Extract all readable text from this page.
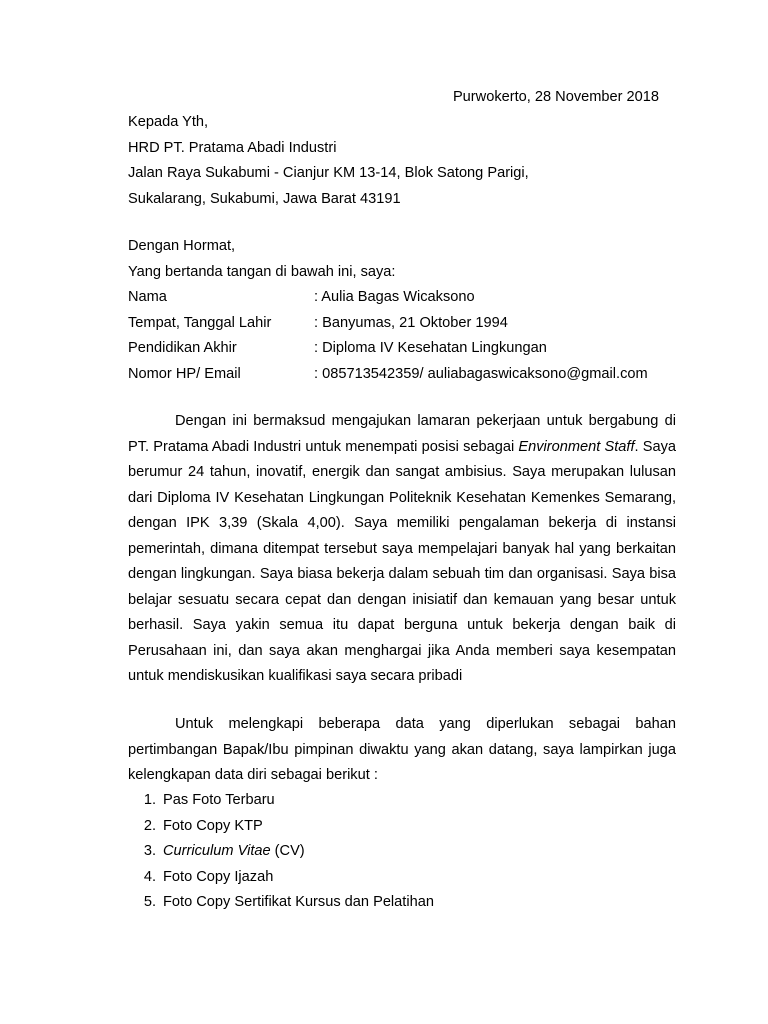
Purwokerto, 28 November 2018
Kepada Yth,
HRD PT. Pratama Abadi Industri
Jalan Raya Sukabumi - Cianjur KM 13-14, Blok Satong Parigi,
Sukalarang, Sukabumi, Jawa Barat 43191
Dengan Hormat,
Yang bertanda tangan di bawah ini, saya:
Nama	: Aulia Bagas Wicaksono
Tempat, Tanggal Lahir	: Banyumas, 21 Oktober 1994
Pendidikan Akhir	: Diploma IV Kesehatan Lingkungan
Nomor HP/ Email	: 085713542359/ auliabagaswicaksono@gmail.com
Dengan ini bermaksud mengajukan lamaran pekerjaan untuk bergabung di PT. Pratama Abadi Industri untuk menempati posisi sebagai Environment Staff. Saya berumur 24 tahun, inovatif, energik dan sangat ambisius. Saya merupakan lulusan dari Diploma IV Kesehatan Lingkungan Politeknik Kesehatan Kemenkes Semarang, dengan IPK 3,39 (Skala 4,00). Saya memiliki pengalaman bekerja di instansi pemerintah, dimana ditempat tersebut saya mempelajari banyak hal yang berkaitan dengan lingkungan. Saya biasa bekerja dalam sebuah tim dan organisasi. Saya bisa belajar sesuatu secara cepat dan dengan inisiatif dan kemauan yang besar untuk berhasil. Saya yakin semua itu dapat berguna untuk bekerja dengan baik di Perusahaan ini, dan saya akan menghargai jika Anda memberi saya kesempatan untuk mendiskusikan kualifikasi saya secara pribadi
Untuk melengkapi beberapa data yang diperlukan sebagai bahan pertimbangan Bapak/Ibu pimpinan diwaktu yang akan datang, saya lampirkan juga kelengkapan data diri sebagai berikut :
1. Pas Foto Terbaru
2. Foto Copy KTP
3. Curriculum Vitae (CV)
4. Foto Copy Ijazah
5. Foto Copy Sertifikat Kursus dan Pelatihan
